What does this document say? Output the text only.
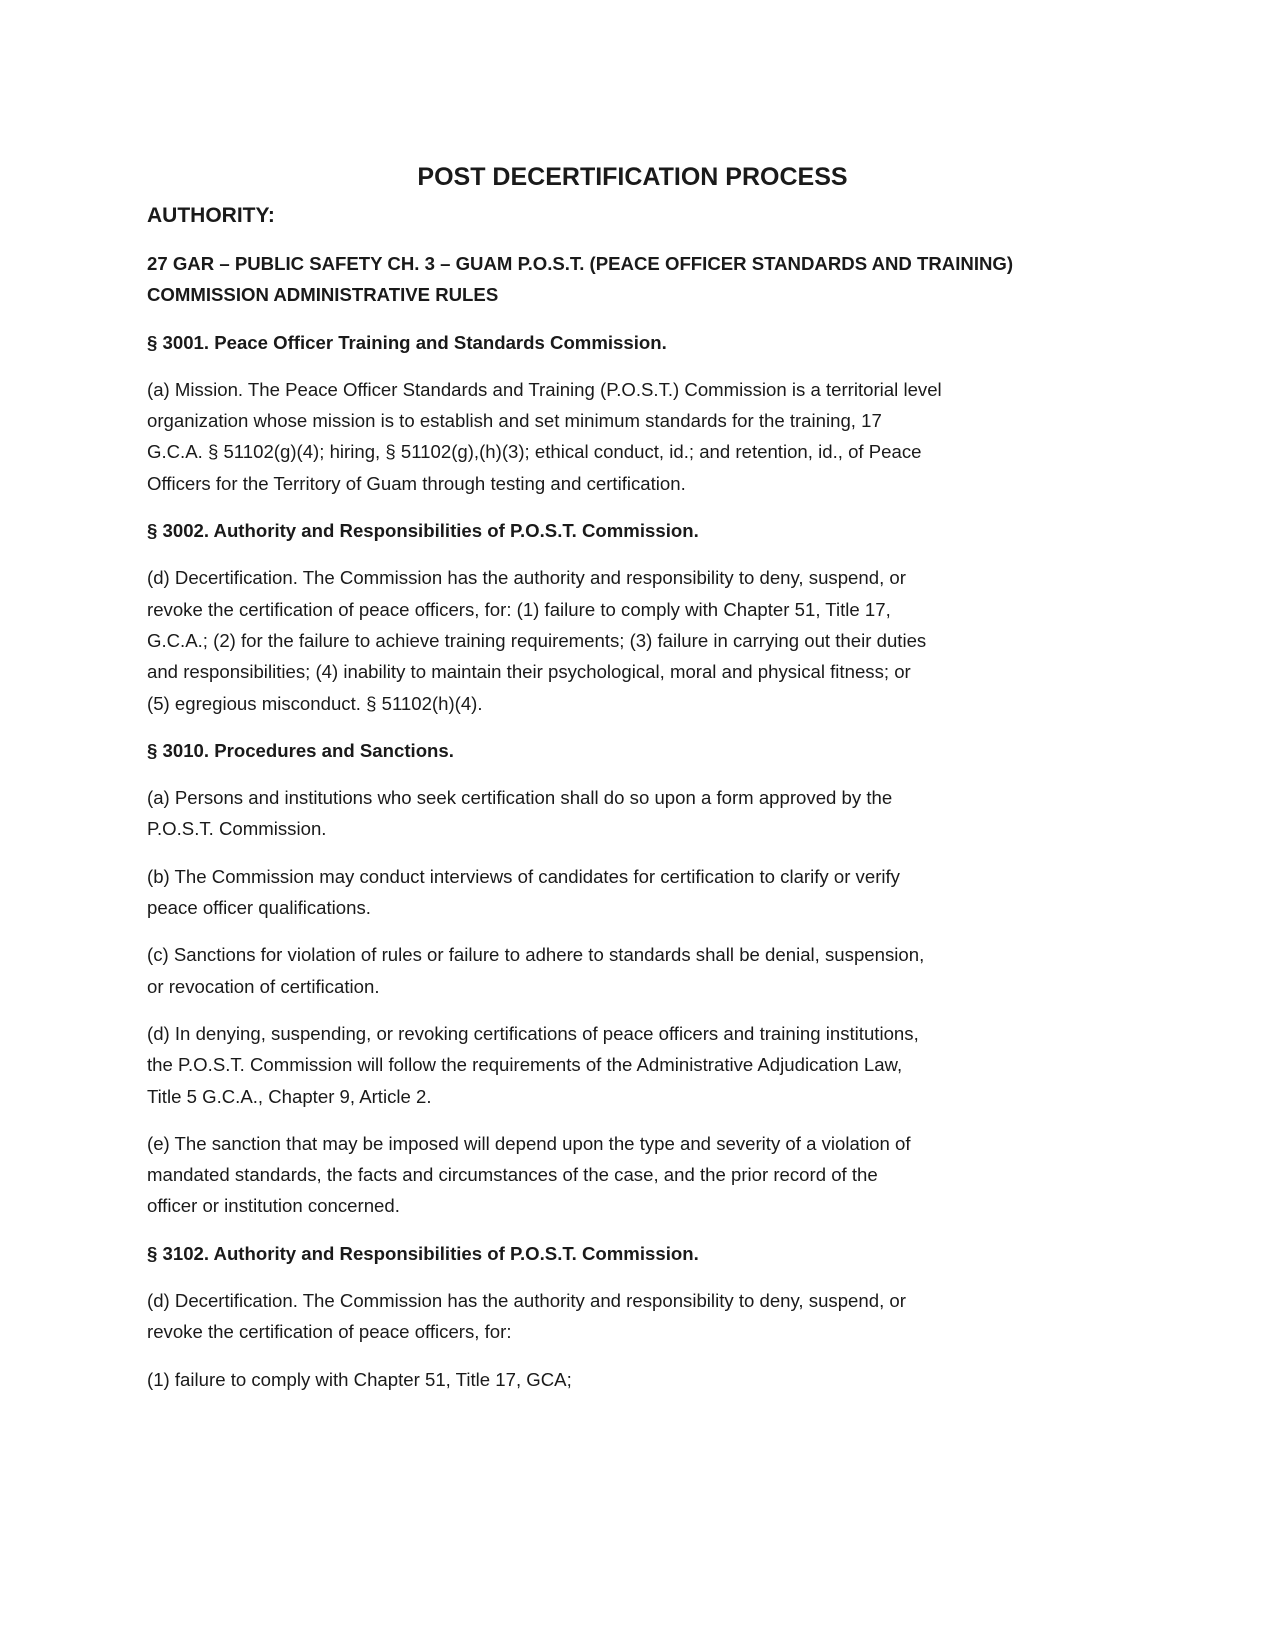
POST DECERTIFICATION PROCESS
AUTHORITY:
27 GAR – PUBLIC SAFETY CH. 3 – GUAM P.O.S.T. (PEACE OFFICER STANDARDS AND TRAINING)
COMMISSION ADMINISTRATIVE RULES
§ 3001. Peace Officer Training and Standards Commission.
(a) Mission. The Peace Officer Standards and Training (P.O.S.T.) Commission is a territorial level
organization whose mission is to establish and set minimum standards for the training, 17
G.C.A. § 51102(g)(4); hiring, § 51102(g),(h)(3); ethical conduct, id.; and retention, id., of Peace
Officers for the Territory of Guam through testing and certification.
§ 3002. Authority and Responsibilities of P.O.S.T. Commission.
(d) Decertification. The Commission has the authority and responsibility to deny, suspend, or
revoke the certification of peace officers, for: (1) failure to comply with Chapter 51, Title 17,
G.C.A.; (2) for the failure to achieve training requirements; (3) failure in carrying out their duties
and responsibilities; (4) inability to maintain their psychological, moral and physical fitness; or
(5) egregious misconduct. § 51102(h)(4).
§ 3010. Procedures and Sanctions.
(a) Persons and institutions who seek certification shall do so upon a form approved by the
P.O.S.T. Commission.
(b) The Commission may conduct interviews of candidates for certification to clarify or verify
peace officer qualifications.
(c) Sanctions for violation of rules or failure to adhere to standards shall be denial, suspension,
or revocation of certification.
(d) In denying, suspending, or revoking certifications of peace officers and training institutions,
the P.O.S.T. Commission will follow the requirements of the Administrative Adjudication Law,
Title 5 G.C.A., Chapter 9, Article 2.
(e) The sanction that may be imposed will depend upon the type and severity of a violation of
mandated standards, the facts and circumstances of the case, and the prior record of the
officer or institution concerned.
§ 3102. Authority and Responsibilities of P.O.S.T. Commission.
(d) Decertification. The Commission has the authority and responsibility to deny, suspend, or
revoke the certification of peace officers, for:
(1) failure to comply with Chapter 51, Title 17, GCA;
